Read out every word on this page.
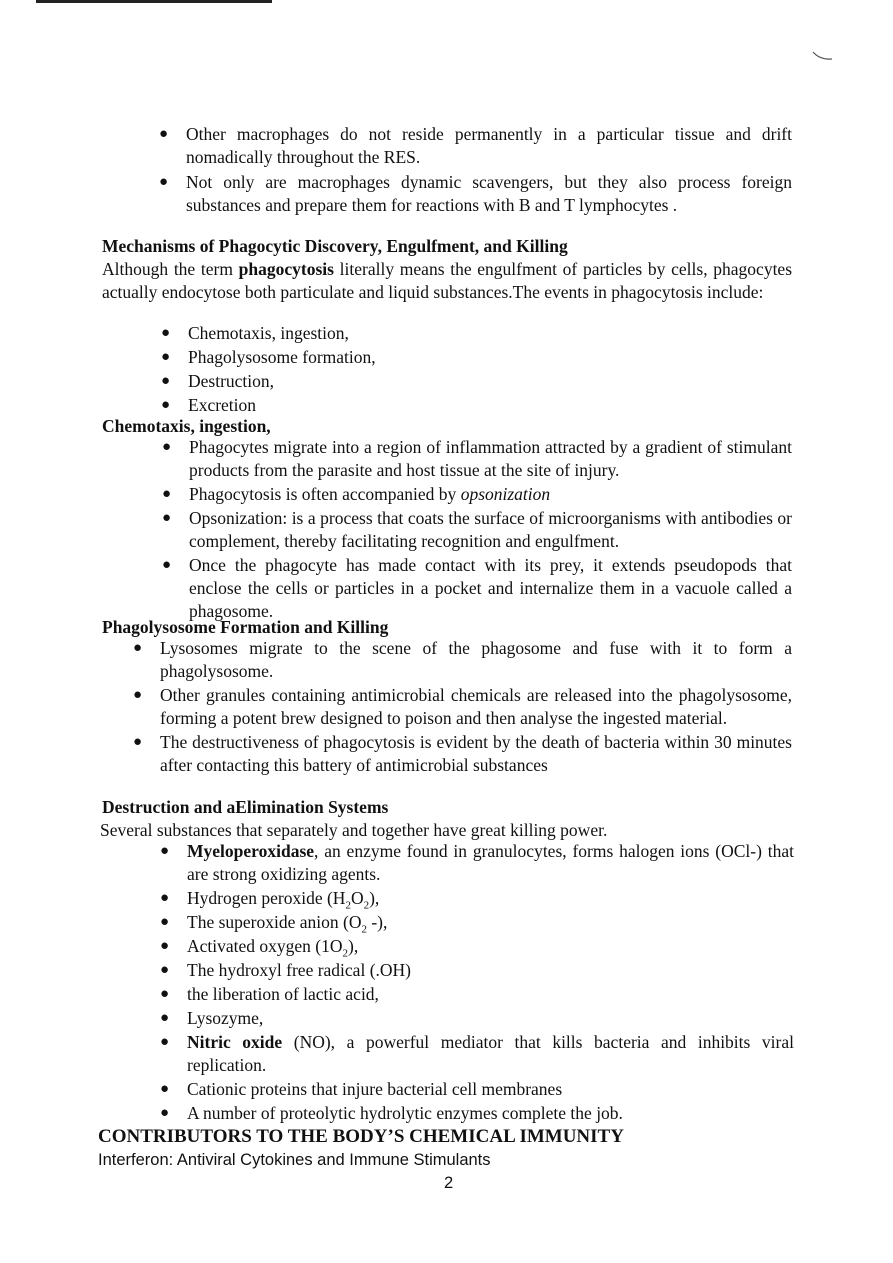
● Other macrophages do not reside permanently in a particular tissue and drift nomadically throughout the RES.
● Not only are macrophages dynamic scavengers, but they also process foreign substances and prepare them for reactions with B and T lymphocytes .

Mechanisms of Phagocytic Discovery, Engulfment, and Killing

Although the term phagocytosis literally means the engulfment of particles by cells, phagocytes actually endocytose both particulate and liquid substances.The events in phagocytosis include:

● Chemotaxis, ingestion,
● Phagolysosome formation,
● Destruction,
● Excretion

Chemotaxis, ingestion,

● Phagocytes migrate into a region of inflammation attracted by a gradient of stimulant products from the parasite and host tissue at the site of injury.
● Phagocytosis is often accompanied by opsonization
● Opsonization: is a process that coats the surface of microorganisms with antibodies or complement, thereby facilitating recognition and engulfment.
● Once the phagocyte has made contact with its prey, it extends pseudopods that enclose the cells or particles in a pocket and internalize them in a vacuole called a phagosome.

Phagolysosome Formation and Killing

● Lysosomes migrate to the scene of the phagosome and fuse with it to form a phagolysosome.
● Other granules containing antimicrobial chemicals are released into the phagolysosome, forming a potent brew designed to poison and then analyse the ingested material.
● The destructiveness of phagocytosis is evident by the death of bacteria within 30 minutes after contacting this battery of antimicrobial substances

Destruction and aElimination Systems

Several substances that separately and together have great killing power.

● Myeloperoxidase, an enzyme found in granulocytes, forms halogen ions (OCl-) that are strong oxidizing agents.
● Hydrogen peroxide $(H_2O_2)$,
● The superoxide anion ($O_2$ -),
● Activated oxygen $(1O_2)$,
● The hydroxyl free radical (.OH)
● the liberation of lactic acid,
● Lysozyme,
● Nitric oxide (NO), a powerful mediator that kills bacteria and inhibits viral replication.
● Cationic proteins that injure bacterial cell membranes
● A number of proteolytic hydrolytic enzymes complete the job.

CONTRIBUTORS TO THE BODY’S CHEMICAL IMMUNITY

Interferon: Antiviral Cytokines and Immune Stimulants

2
